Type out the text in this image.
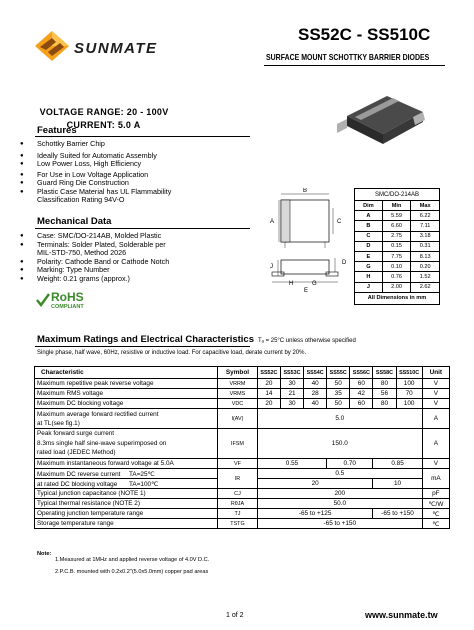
SUNMATE
SS52C - SS510C
SURFACE MOUNT SCHOTTKY BARRIER DIODES

VOLTAGE RANGE: 20 - 100V

CURRENT: 5.0 A

Features
● Schottky Barrier Chip
● Ideally Suited for Automatic Assembly
● Low Power Loss, High Efficiency
● For Use in Low Voltage Application
● Guard Ring Die Construction
● Plastic Case Material has UL Flammability Classification Rating 94V-O
Mechanical Data
● Case: SMC/DO-214AB, Molded Plastic
● Terminals: Solder Plated, Solderable per MIL-STD-750, Method 2026
● Polarity: Cathode Band or Cathode Notch
● Marking: Type Number
● Weight: 0.21 grams (approx.)
RoHS
COMPLIANT
B
A	C
J
D
H	G
E
SMC/DO-214AB		
Dim	Min	Max
A	5.59	6.22
B	6.60	7.11
C	2.75	3.18
D	0.15	0.31
E	7.75	8.13
G	0.10	0.20
H	0.76	1.52
J	2.00	2.62
All Dimensions in mm		
Maximum Ratings and Electrical Characteristics Tₐ = 25°C unless otherwise specified
Single phase, half wave, 60Hz, resistive or inductive load. For capacitive load, derate current by 20%.
Characteristic	Symbol	SS52C	SS53C	SS54C	SS55C	SS56C	SS58C	SS510C	Unit
Maximum repetitive peak reverse voltage	VRRM	20	30	40	50	60	80	100	V
Maximum RMS voltage	VRMS	14	21	28	35	42	56	70	V
Maximum DC blocking voltage	VDC	20	30	40	50	60	80	100	V

Maximum average forward rectified current
at TL(see fig.1)	I(AV)	5.0							A

Peak forward surge current
8.3ms single half sine-wave superimposed on
rated load (JEDEC Method)	IFSM	150.0							A
Maximum instantaneous forward voltage at 5.0A	VF	0.55			0.70		0.85		V
Maximum DC reverse current TA=25℃	IR	0.5							mA
at rated DC blocking voltage TA=100℃		20					10		
Typical junction capacitance (NOTE 1)	CJ	200							pF
Typical thermal resistance (NOTE 2)	RθJA	50.0							℃/W
Operating junction temperature range	TJ	-65 to +125					-65 to +150		℃
Storage temperature range	TSTG	-65 to +150							℃
Note:
1.Measured at 1MHz and applied reverse voltage of 4.0V D.C.
2.P.C.B. mounted with 0.2x0.2"(5.0x5.0mm) copper pad areas
1 of 2	www.sunmate.tw
